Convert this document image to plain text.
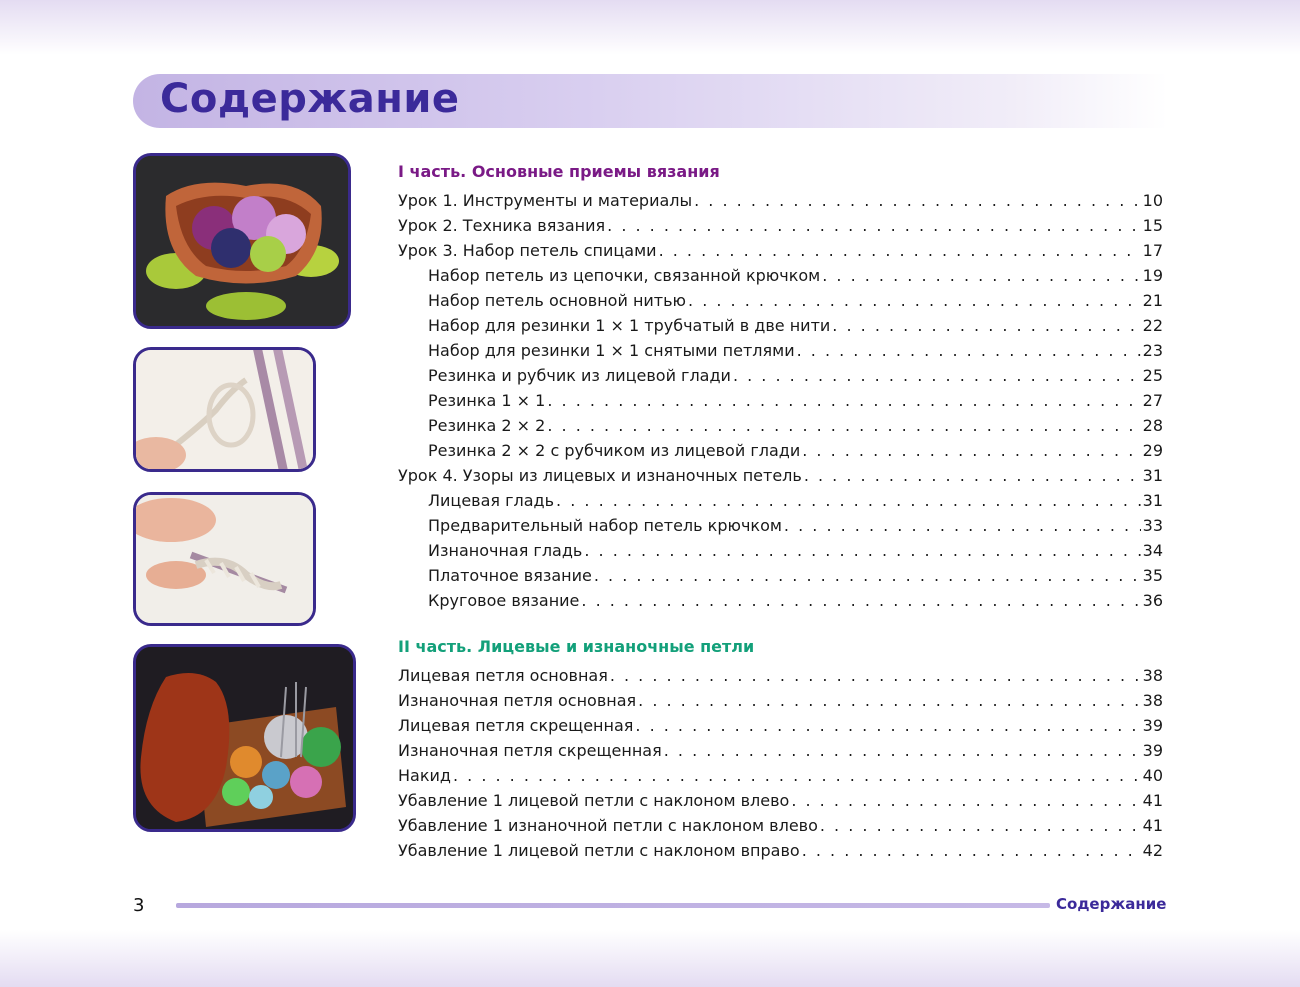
Содержание
I часть. Основные приемы вязания
Урок 1. Инструменты и материалы . . .	10
Урок 2. Техника вязания . . .	15
Урок 3. Набор петель спицами . . .	17
Набор петель из цепочки, связанной крючком . . .	19
Набор петель основной нитью . . .	21
Набор для резинки 1 × 1 трубчатый в две нити . . .	22
Набор для резинки 1 × 1 снятыми петлями . . .	23
Резинка и рубчик из лицевой глади . . .	25
Резинка 1 × 1 . . .	27
Резинка 2 × 2 . . .	28
Резинка 2 × 2 с рубчиком из лицевой глади . . .	29
Урок 4. Узоры из лицевых и изнаночных петель . . .	31
Лицевая гладь . . .	31
Предварительный набор петель крючком . . .	33
Изнаночная гладь . . .	34
Платочное вязание . . .	35
Круговое вязание . . .	36
II часть. Лицевые и изнаночные петли
Лицевая петля основная . . .	38
Изнаночная петля основная . . .	38
Лицевая петля скрещенная . . .	39
Изнаночная петля скрещенная . . .	39
Накид . . .	40
Убавление 1 лицевой петли с наклоном влево . . .	41
Убавление 1 изнаночной петли с наклоном влево . . .	41
Убавление 1 лицевой петли с наклоном вправо . . .	42
3	Содержание
